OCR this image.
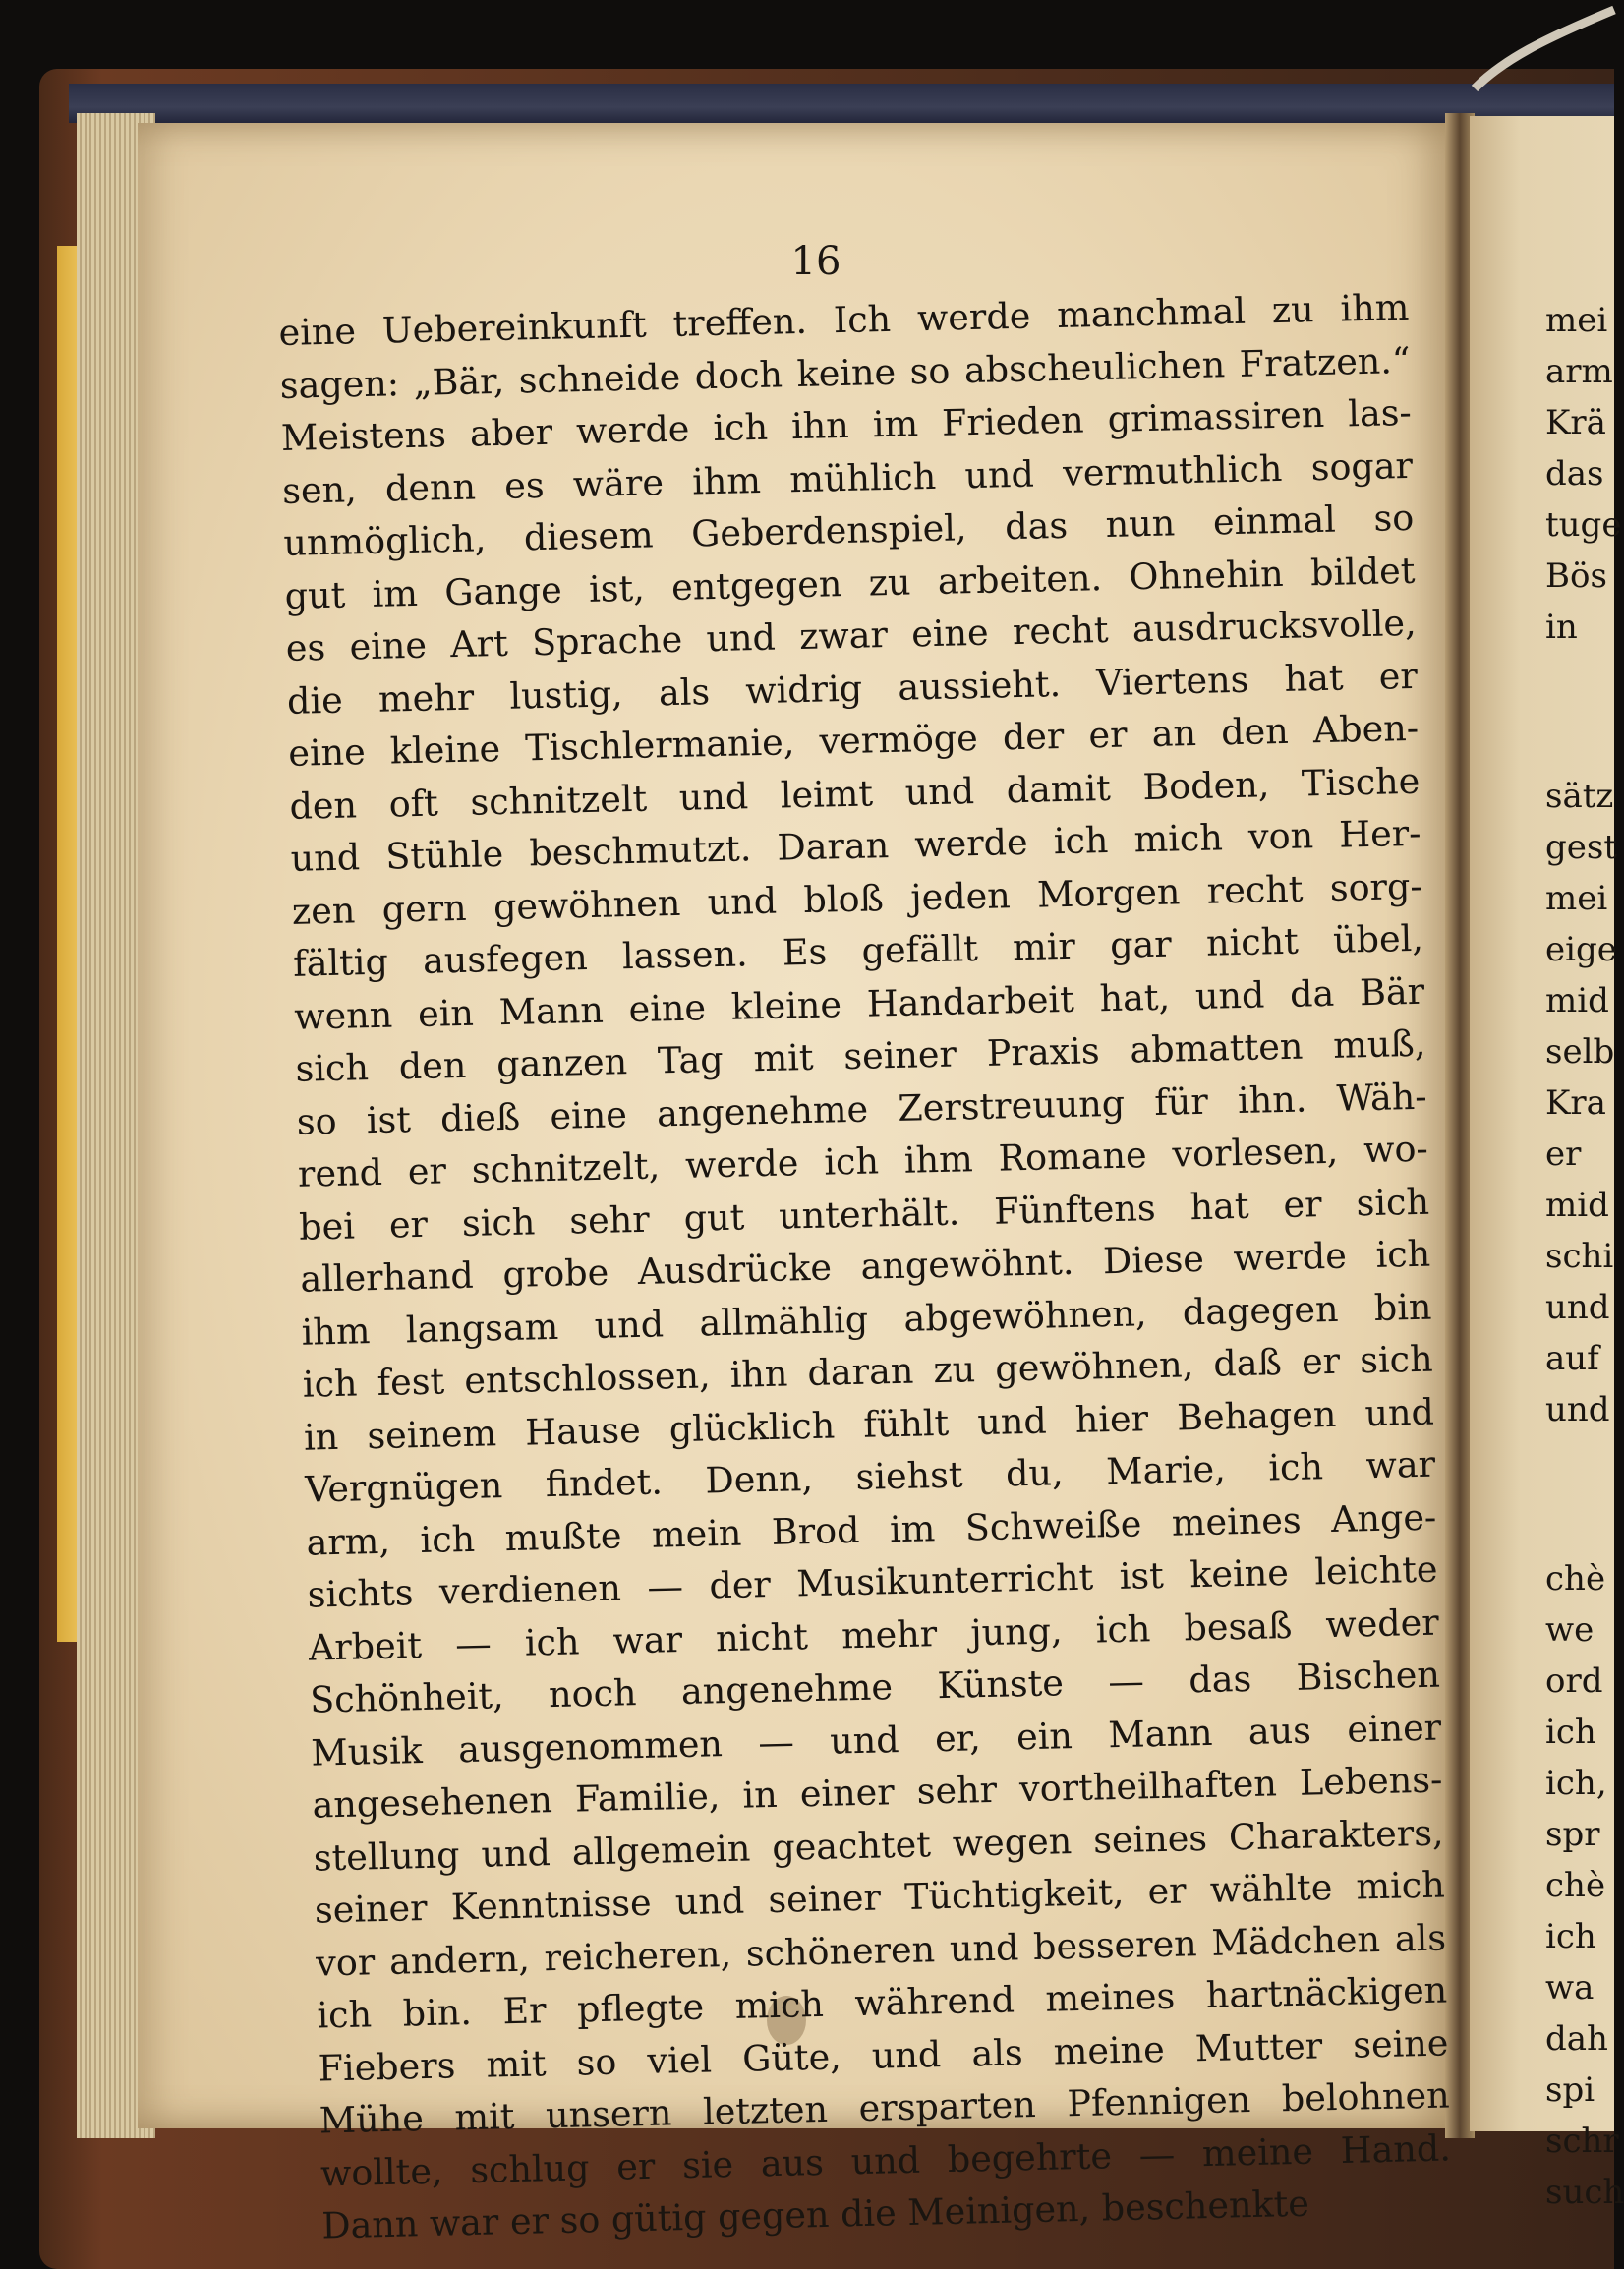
16
eine Uebereinkunft treffen. Ich werde manchmal zu ihm
sagen: „Bär, schneide doch keine so abscheulichen Fratzen.“
Meistens aber werde ich ihn im Frieden grimassiren las-
sen, denn es wäre ihm mühlich und vermuthlich sogar
unmöglich, diesem Geberdenspiel, das nun einmal so
gut im Gange ist, entgegen zu arbeiten. Ohnehin bildet
es eine Art Sprache und zwar eine recht ausdrucksvolle,
die mehr lustig, als widrig aussieht. Viertens hat er
eine kleine Tischlermanie, vermöge der er an den Aben-
den oft schnitzelt und leimt und damit Boden, Tische
und Stühle beschmutzt. Daran werde ich mich von Her-
zen gern gewöhnen und bloß jeden Morgen recht sorg-
fältig ausfegen lassen. Es gefällt mir gar nicht übel,
wenn ein Mann eine kleine Handarbeit hat, und da Bär
sich den ganzen Tag mit seiner Praxis abmatten muß,
so ist dieß eine angenehme Zerstreuung für ihn. Wäh-
rend er schnitzelt, werde ich ihm Romane vorlesen, wo-
bei er sich sehr gut unterhält. Fünftens hat er sich
allerhand grobe Ausdrücke angewöhnt. Diese werde ich
ihm langsam und allmählig abgewöhnen, dagegen bin
ich fest entschlossen, ihn daran zu gewöhnen, daß er sich
in seinem Hause glücklich fühlt und hier Behagen und
Vergnügen findet. Denn, siehst du, Marie, ich war
arm, ich mußte mein Brod im Schweiße meines Ange-
sichts verdienen — der Musikunterricht ist keine leichte
Arbeit — ich war nicht mehr jung, ich besaß weder
Schönheit, noch angenehme Künste — das Bischen
Musik ausgenommen — und er, ein Mann aus einer
angesehenen Familie, in einer sehr vortheilhaften Lebens-
stellung und allgemein geachtet wegen seines Charakters,
seiner Kenntnisse und seiner Tüchtigkeit, er wählte mich
vor andern, reicheren, schöneren und besseren Mädchen als
ich bin. Er pflegte mich während meines hartnäckigen
Fiebers mit so viel Güte, und als meine Mutter seine
Mühe mit unsern letzten ersparten Pfennigen belohnen
wollte, schlug er sie aus und begehrte — meine Hand.
Dann war er so gütig gegen die Meinigen, beschenkte
mei
arm
Krä
das
tuge
Bös
in
sätz
gest
mei
eige
mid
selb
Kra
er
mid
schi
und
auf
und
chè
we
ord
ich
ich,
spr
chè
ich
wa
dah
spi
schr
such
